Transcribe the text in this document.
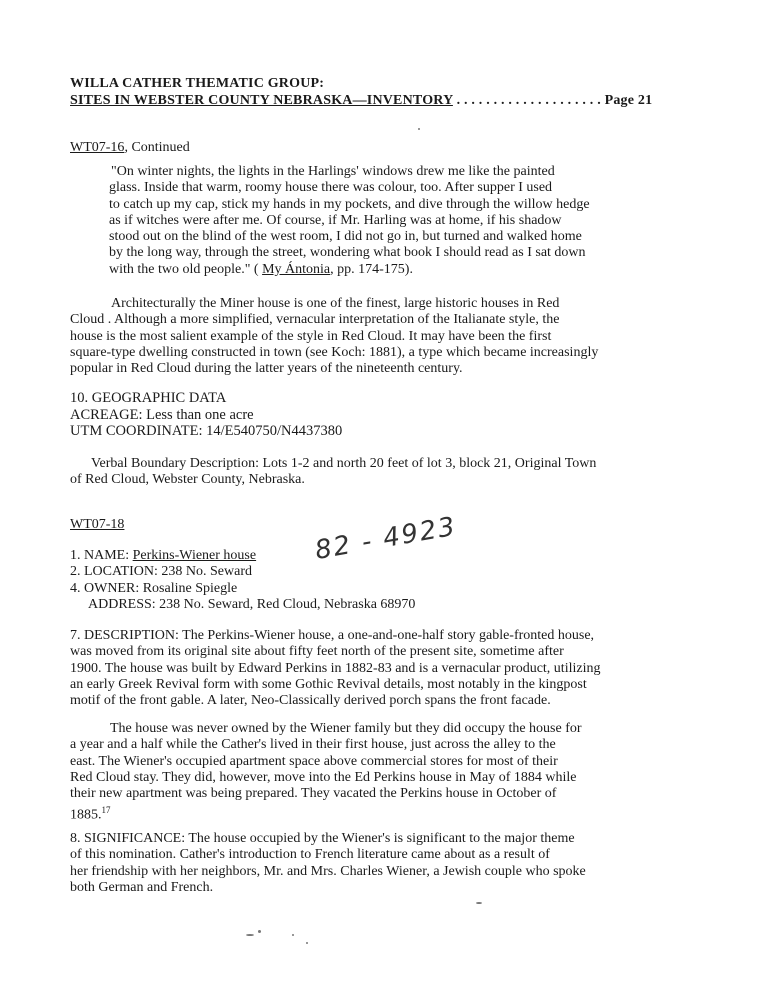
WILLA CATHER THEMATIC GROUP:
SITES IN WEBSTER COUNTY NEBRASKA—INVENTORY . . . . . . . . . . . . . . . . . . . . Page 21
WT07-16, Continued
"On winter nights, the lights in the Harlings' windows drew me like the painted
glass. Inside that warm, roomy house there was colour, too. After supper I used
to catch up my cap, stick my hands in my pockets, and dive through the willow hedge
as if witches were after me. Of course, if Mr. Harling was at home, if his shadow
stood out on the blind of the west room, I did not go in, but turned and walked home
by the long way, through the street, wondering what book I should read as I sat down
with the two old people." ( My Ántonia, pp. 174-175).
Architecturally the Miner house is one of the finest, large historic houses in Red
Cloud . Although a more simplified, vernacular interpretation of the Italianate style, the
house is the most salient example of the style in Red Cloud. It may have been the first
square-type dwelling constructed in town (see Koch: 1881), a type which became increasingly
popular in Red Cloud during the latter years of the nineteenth century.
10. GEOGRAPHIC DATA
ACREAGE: Less than one acre
UTM COORDINATE: 14/E540750/N4437380
Verbal Boundary Description: Lots 1-2 and north 20 feet of lot 3, block 21, Original Town
of Red Cloud, Webster County, Nebraska.
WT07-18
1. NAME: Perkins-Wiener house
2. LOCATION: 238 No. Seward
4. OWNER: Rosaline Spiegle
ADDRESS: 238 No. Seward, Red Cloud, Nebraska 68970
82 - 4923
7. DESCRIPTION: The Perkins-Wiener house, a one-and-one-half story gable-fronted house,
was moved from its original site about fifty feet north of the present site, sometime after
1900. The house was built by Edward Perkins in 1882-83 and is a vernacular product, utilizing
an early Greek Revival form with some Gothic Revival details, most notably in the kingpost
motif of the front gable. A later, Neo-Classically derived porch spans the front facade.
The house was never owned by the Wiener family but they did occupy the house for
a year and a half while the Cather's lived in their first house, just across the alley to the
east. The Wiener's occupied apartment space above commercial stores for most of their
Red Cloud stay. They did, however, move into the Ed Perkins house in May of 1884 while
their new apartment was being prepared. They vacated the Perkins house in October of
1885.17
8. SIGNIFICANCE: The house occupied by the Wiener's is significant to the major theme
of this nomination. Cather's introduction to French literature came about as a result of
her friendship with her neighbors, Mr. and Mrs. Charles Wiener, a Jewish couple who spoke
both German and French.
